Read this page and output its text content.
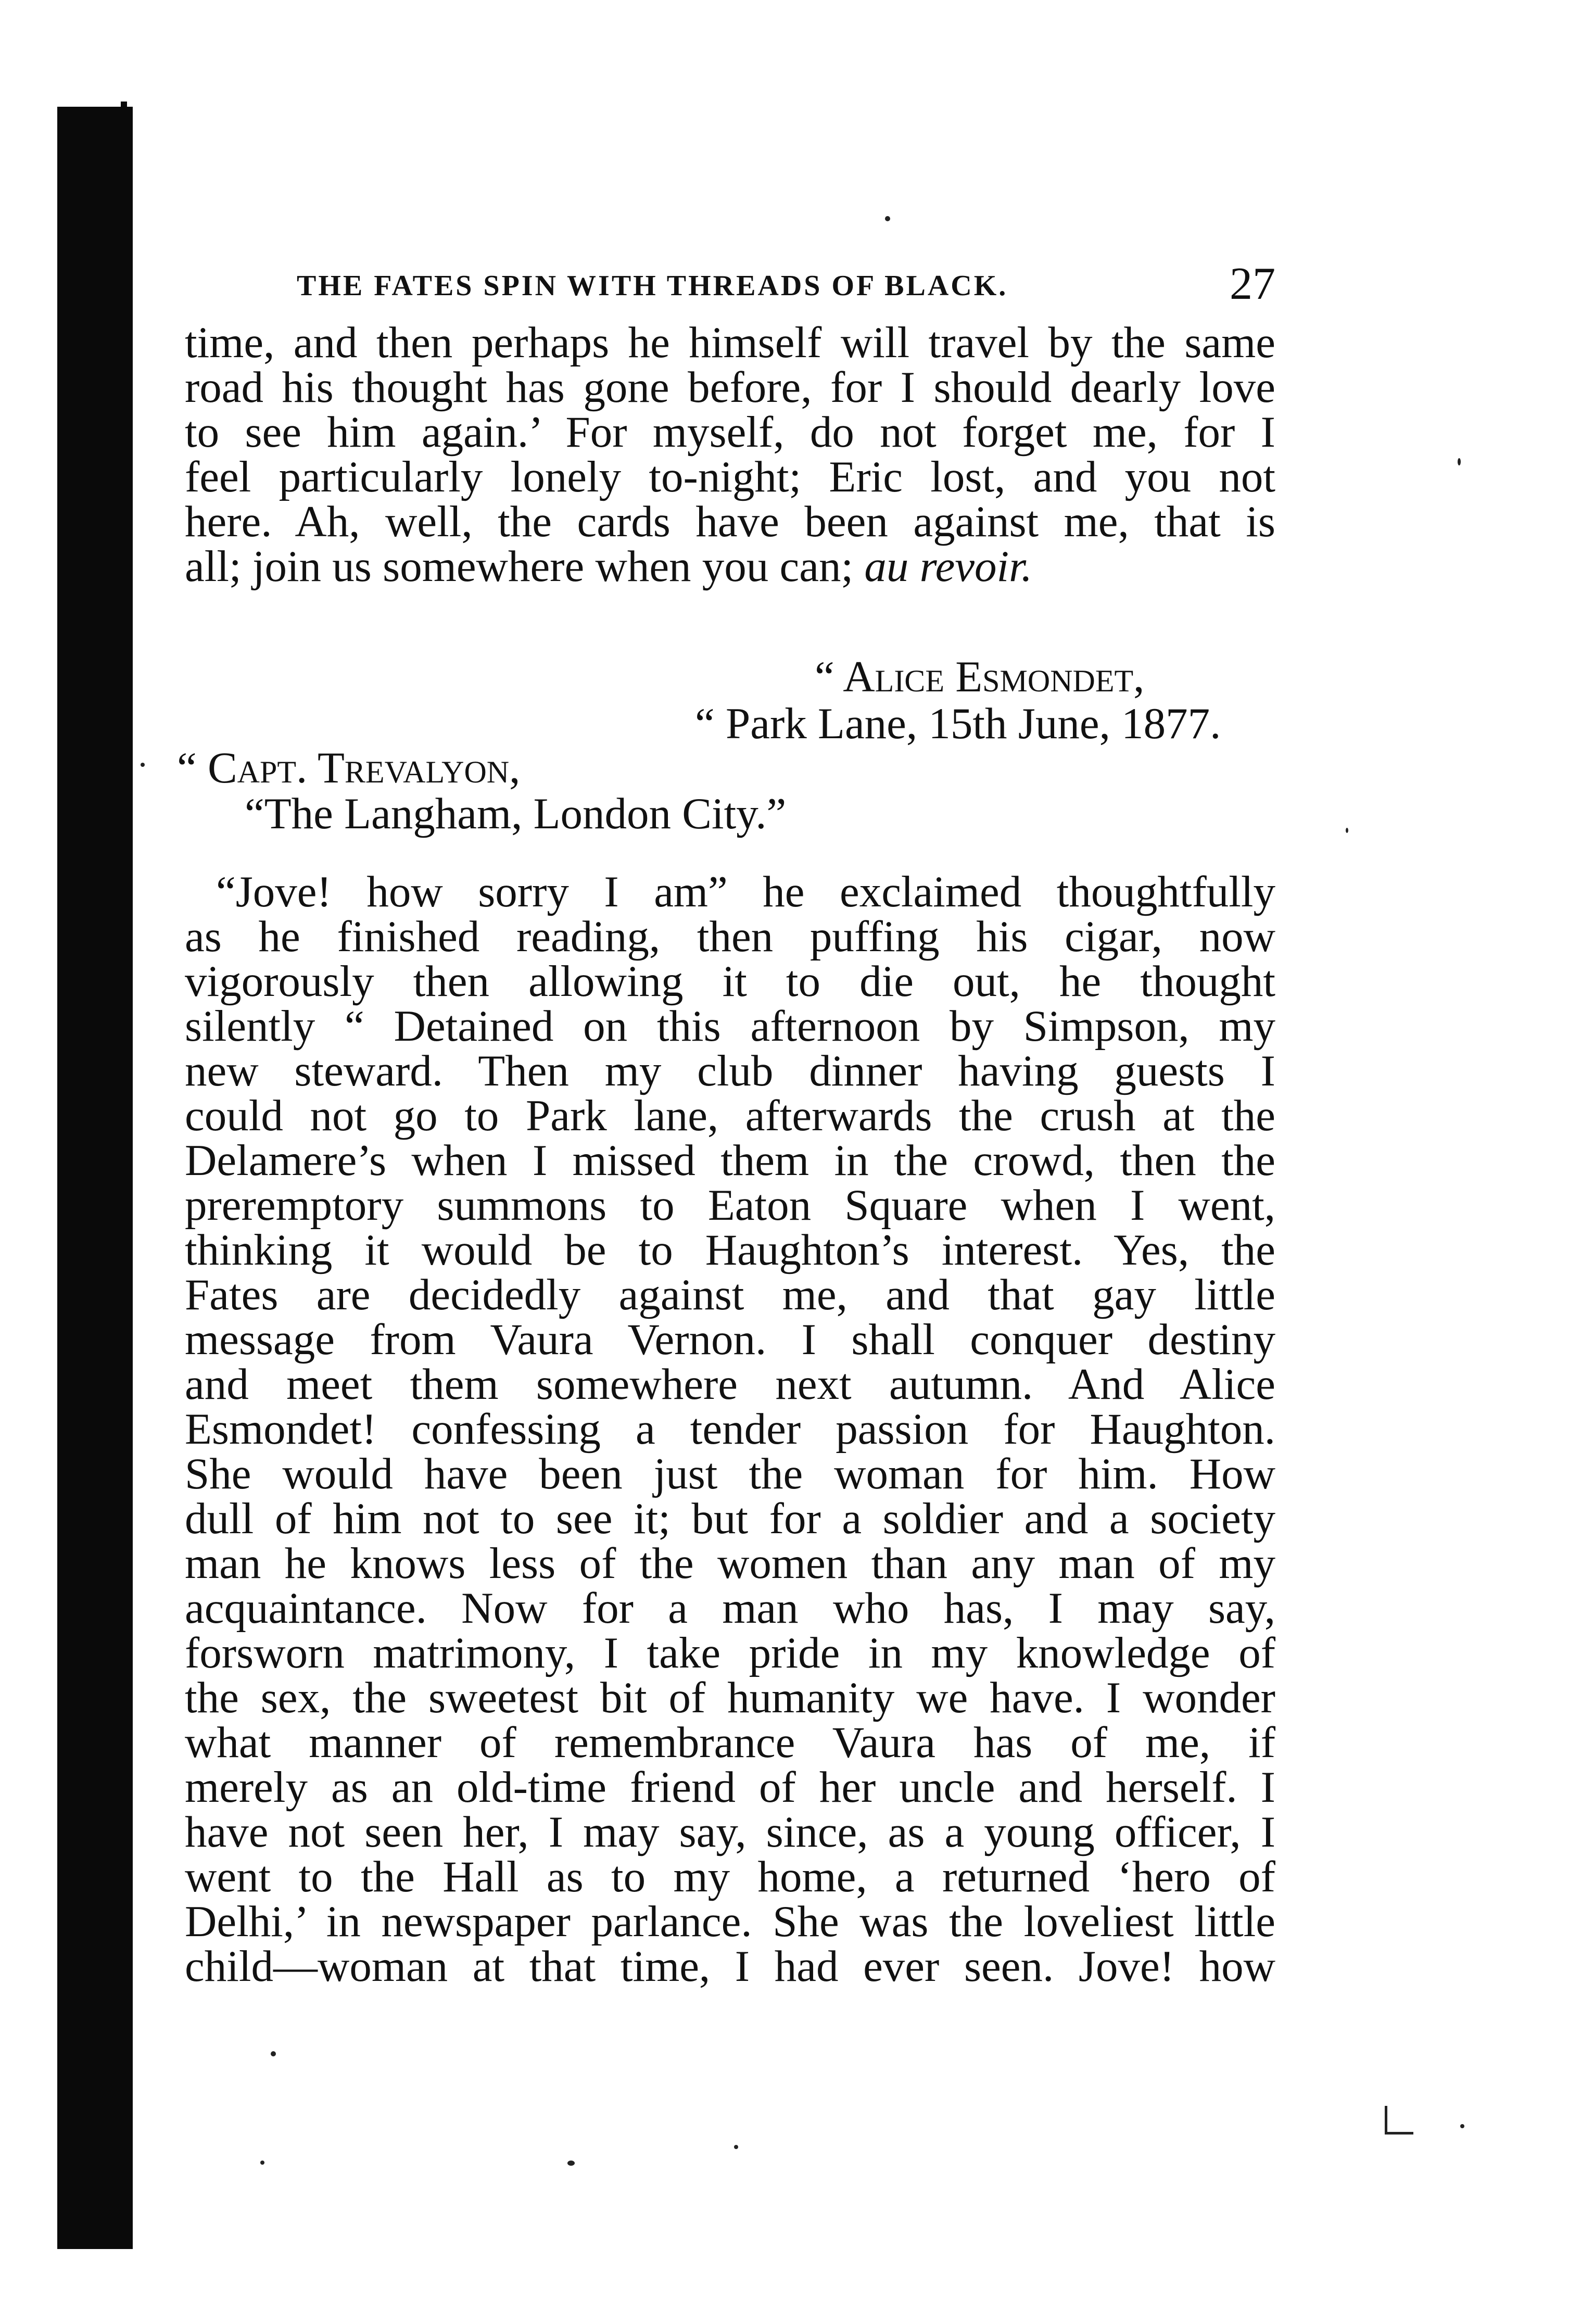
THE FATES SPIN WITH THREADS OF BLACK.	27
time, and then perhaps he himself will travel by the same
road his thought has gone before, for I should dearly love
to see him again.’ For myself, do not forget me, for I
feel particularly lonely to-night; Eric lost, and you not
here. Ah, well, the cards have been against me, that is
all; join us somewhere when you can; au revoir.
“ Alice Esmondet,
“ Park Lane, 15th June, 1877.
“ Capt. Trevalyon,
“The Langham, London City.”
“Jove! how sorry I am” he exclaimed thoughtfully
as he finished reading, then puffing his cigar, now
vigorously then allowing it to die out, he thought
silently “ Detained on this afternoon by Simpson, my
new steward. Then my club dinner having guests I
could not go to Park lane, afterwards the crush at the
Delamere’s when I missed them in the crowd, then the
preremptory summons to Eaton Square when I went,
thinking it would be to Haughton’s interest. Yes, the
Fates are decidedly against me, and that gay little
message from Vaura Vernon. I shall conquer destiny
and meet them somewhere next autumn. And Alice
Esmondet! confessing a tender passion for Haughton.
She would have been just the woman for him. How
dull of him not to see it; but for a soldier and a society
man he knows less of the women than any man of my
acquaintance. Now for a man who has, I may say,
forsworn matrimony, I take pride in my knowledge of
the sex, the sweetest bit of humanity we have. I wonder
what manner of remembrance Vaura has of me, if
merely as an old-time friend of her uncle and herself. I
have not seen her, I may say, since, as a young officer, I
went to the Hall as to my home, a returned ‘hero of
Delhi,’ in newspaper parlance. She was the loveliest little
child—woman at that time, I had ever seen. Jove! how
